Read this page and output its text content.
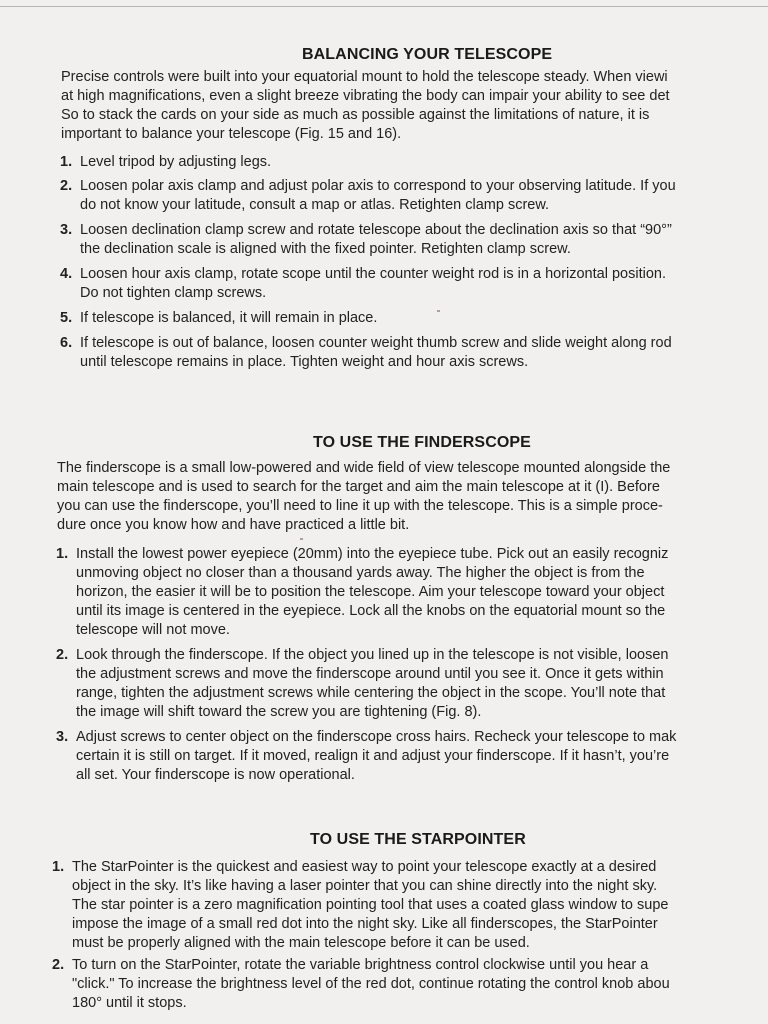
BALANCING YOUR TELESCOPE

Precise controls were built into your equatorial mount to hold the telescope steady. When viewi
at high magnifications, even a slight breeze vibrating the body can impair your ability to see det
So to stack the cards on your side as much as possible against the limitations of nature, it is
important to balance your telescope (Fig. 15 and 16).

1. Level tripod by adjusting legs.
2. Loosen polar axis clamp and adjust polar axis to correspond to your observing latitude. If you
do not know your latitude, consult a map or atlas. Retighten clamp screw.
3. Loosen declination clamp screw and rotate telescope about the declination axis so that “90°”
the declination scale is aligned with the fixed pointer. Retighten clamp screw.
4. Loosen hour axis clamp, rotate scope until the counter weight rod is in a horizontal position.
Do not tighten clamp screws.
5. If telescope is balanced, it will remain in place.
6. If telescope is out of balance, loosen counter weight thumb screw and slide weight along rod
until telescope remains in place. Tighten weight and hour axis screws.
TO USE THE FINDERSCOPE

The finderscope is a small low-powered and wide field of view telescope mounted alongside the
main telescope and is used to search for the target and aim the main telescope at it (I). Before
you can use the finderscope, you’ll need to line it up with the telescope. This is a simple proce-
dure once you know how and have practiced a little bit.

1. Install the lowest power eyepiece (20mm) into the eyepiece tube. Pick out an easily recogniz
unmoving object no closer than a thousand yards away. The higher the object is from the
horizon, the easier it will be to position the telescope. Aim your telescope toward your object
until its image is centered in the eyepiece. Lock all the knobs on the equatorial mount so the
telescope will not move.
2. Look through the finderscope. If the object you lined up in the telescope is not visible, loosen
the adjustment screws and move the finderscope around until you see it. Once it gets within
range, tighten the adjustment screws while centering the object in the scope. You’ll note that
the image will shift toward the screw you are tightening (Fig. 8).
3. Adjust screws to center object on the finderscope cross hairs. Recheck your telescope to mak
certain it is still on target. If it moved, realign it and adjust your finderscope. If it hasn’t, you’re
all set. Your finderscope is now operational.
TO USE THE STARPOINTER
1. The StarPointer is the quickest and easiest way to point your telescope exactly at a desired
object in the sky. It’s like having a laser pointer that you can shine directly into the night sky.
The star pointer is a zero magnification pointing tool that uses a coated glass window to supe
impose the image of a small red dot into the night sky. Like all finderscopes, the StarPointer
must be properly aligned with the main telescope before it can be used.
2. To turn on the StarPointer, rotate the variable brightness control clockwise until you hear a
"click." To increase the brightness level of the red dot, continue rotating the control knob abou
180° until it stops.
